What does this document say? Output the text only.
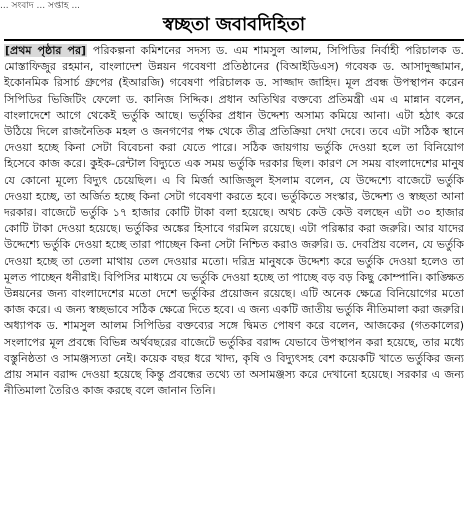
... সংবাদ ... সপ্তাহ ...
স্বচ্ছতা জবাবদিহিতা

[প্রথম পৃষ্ঠার পর] পরিকল্পনা কমিশনের সদস্য ড. এম শামসুল আলম, সিপিডির নির্বাহী পরিচালক ড. মোস্তাফিজুর রহমান, বাংলাদেশ উন্নয়ন গবেষণা প্রতিষ্ঠানের (বিআইডিএস) গবেষক ড. আসাদুজ্জামান, ইকোনমিক রিসার্চ গ্রুপের (ইআরজি) গবেষণা পরিচালক ড. সাজ্জাদ জাহিদ। মূল প্রবন্ধ উপস্থাপন করেন সিপিডির ভিজিটিং ফেলো ড. কানিজ সিদ্দিক। প্রধান অতিথির বক্তব্যে প্রতিমন্ত্রী এম এ মান্নান বলেন, বাংলাদেশে আগে থেকেই ভর্তুকি আছে। ভর্তুকির প্রধান উদ্দেশ্য অসাম্য কমিয়ে আনা। এটা হঠাৎ করে উঠিয়ে দিলে রাজনৈতিক মহল ও জনগণের পক্ষ থেকে তীব্র প্রতিক্রিয়া দেখা দেবে। তবে এটা সঠিক স্থানে দেওয়া হচ্ছে কিনা সেটা বিবেচনা করা যেতে পারে। সঠিক জায়গায় ভর্তুকি দেওয়া হলে তা বিনিয়োগ হিসেবে কাজ করে। কুইক-রেন্টাল বিদ্যুতে এক সময় ভর্তুকি দরকার ছিল। কারণ সে সময় বাংলাদেশের মানুষ যে কোনো মূল্যে বিদ্যুৎ চেয়েছিল। এ বি মির্জা আজিজুল ইসলাম বলেন, যে উদ্দেশ্যে বাজেটে ভর্তুকি দেওয়া হচ্ছে, তা অর্জিত হচ্ছে কিনা সেটা গবেষণা করতে হবে। ভর্তুকিতে সংস্কার, উদ্দেশ্য ও স্বচ্ছতা আনা দরকার। বাজেটে ভর্তুকি ১৭ হাজার কোটি টাকা বলা হয়েছে। অথচ কেউ কেউ বলছেন এটা ৩০ হাজার কোটি টাকা দেওয়া হয়েছে। ভর্তুকির অঙ্কের হিসাবে গরমিল রয়েছে। এটা পরিষ্কার করা জরুরি। আর যাদের উদ্দেশ্যে ভর্তুকি দেওয়া হচ্ছে তারা পাচ্ছেন কিনা সেটা নিশ্চিত করাও জরুরি। ড. দেবপ্রিয় বলেন, যে ভর্তুকি দেওয়া হচ্ছে তা তেলা মাথায় তেল দেওয়ার মতো। দরিদ্র মানুষকে উদ্দেশ্য করে ভর্তুকি দেওয়া হলেও তা মূলত পাচ্ছেন ধনীরাই। বিপিসির মাধ্যমে যে ভর্তুকি দেওয়া হচ্ছে তা পাচ্ছে বড় বড় কিছু কোম্পানি। কাঙ্ক্ষিত উন্নয়নের জন্য বাংলাদেশের মতো দেশে ভর্তুকির প্রয়োজন রয়েছে। এটি অনেক ক্ষেত্রে বিনিয়োগের মতো কাজ করে। এ জন্য স্বচ্ছভাবে সঠিক ক্ষেত্রে দিতে হবে। এ জন্য একটি জাতীয় ভর্তুকি নীতিমালা করা জরুরি। অধ্যাপক ড. শামসুল আলম সিপিডির বক্তব্যের সঙ্গে দ্বিমত পোষণ করে বলেন, আজকের (গতকালের) সংলাপের মূল প্রবন্ধে বিভিন্ন অর্থবছরের বাজেটে ভর্তুকির বরাদ্দ যেভাবে উপস্থাপন করা হয়েছে, তার মধ্যে বস্তুনিষ্ঠতা ও সামঞ্জস্যতা নেই। কয়েক বছর ধরে খাদ্য, কৃষি ও বিদ্যুৎসহ বেশ কয়েকটি খাতে ভর্তুকির জন্য প্রায় সমান বরাদ্দ দেওয়া হয়েছে কিন্তু প্রবন্ধের তথ্যে তা অসামঞ্জস্য করে দেখানো হয়েছে। সরকার এ জন্য নীতিমালা তৈরিও কাজ করছে বলে জানান তিনি।
